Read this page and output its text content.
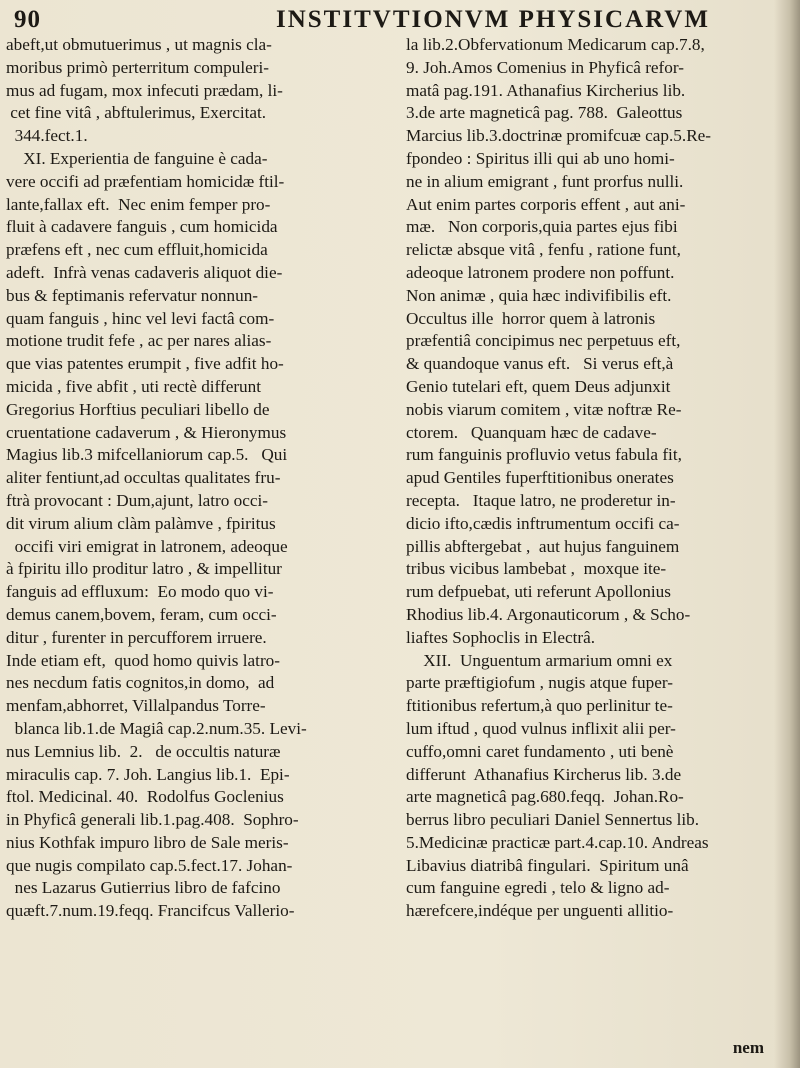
90	INSTITVTIONVM PHYSICARVM
abeft,ut obmutuerimus , ut magnis cla-
moribus primò perterritum compuleri-
mus ad fugam, mox infecuti prædam, li-
cet fine vitâ , abftulerimus, Exercitat.
344.fect.1.
XI. Experientia de fanguine è cada-
vere occifi ad præfentiam homicidæ ftil-
lante,fallax eft.  Nec enim femper pro-
fluit à cadavere fanguis , cum homicida
præfens eft , nec cum effluit,homicida
adeft.  Infrà venas cadaveris aliquot die-
bus & feptimanis refervatur nonnun-
quam fanguis , hinc vel levi factâ com-
motione trudit fefe , ac per nares alias-
que vias patentes erumpit , five adfit ho-
micida , five abfit , uti rectè differunt
Gregorius Horftius peculiari libello de
cruentatione cadaverum , & Hieronymus
Magius lib.3 mifcellaniorum cap.5.   Qui
aliter fentiunt,ad occultas qualitates fru-
ftrà provocant : Dum,ajunt, latro occi-
dit virum alium clàm palàmve , fpiritus
occifi viri emigrat in latronem, adeoque
à fpiritu illo proditur latro , & impellitur
fanguis ad effluxum:  Eo modo quo vi-
demus canem,bovem, feram, cum occi-
ditur , furenter in percufforem irruere.
Inde etiam eft,  quod homo quivis latro-
nes necdum fatis cognitos,in domo,  ad
menfam,abhorret, Villalpandus Torre-
blanca lib.1.de Magiâ cap.2.num.35. Levi-
nus Lemnius lib.  2.   de occultis naturæ
miraculis cap. 7. Joh. Langius lib.1.  Epi-
ftol. Medicinal. 40.  Rodolfus Goclenius
in Phyficâ generali lib.1.pag.408.  Sophro-
nius Kothfak impuro libro de Sale meris-
que nugis compilato cap.5.fect.17. Johan-
nes Lazarus Gutierrius libro de fafcino
quæft.7.num.19.feqq. Francifcus Vallerio-
la lib.2.Obfervationum Medicarum cap.7.8,
9. Joh.Amos Comenius in Phyficâ refor-
matâ pag.191. Athanafius Kircherius lib.
3.de arte magneticâ pag. 788.  Galeottus
Marcius lib.3.doctrinæ promifcuæ cap.5.Re-
fpondeo : Spiritus illi qui ab uno homi-
ne in alium emigrant , funt prorfus nulli.
Aut enim partes corporis effent , aut ani-
mæ.   Non corporis,quia partes ejus fibi
relictæ absque vitâ , fenfu , ratione funt,
adeoque latronem prodere non poffunt.
Non animæ , quia hæc indivifibilis eft.
Occultus ille  horror quem à latronis
præfentiâ concipimus nec perpetuus eft,
& quandoque vanus eft.   Si verus eft,à
Genio tutelari eft, quem Deus adjunxit
nobis viarum comitem , vitæ noftræ Re-
ctorem.   Quanquam hæc de cadave-
rum fanguinis profluvio vetus fabula fit,
apud Gentiles fuperftitionibus onerates
recepta.   Itaque latro, ne proderetur in-
dicio ifto,cædis inftrumentum occifi ca-
pillis abftergebat ,  aut hujus fanguinem
tribus vicibus lambebat ,  moxque ite-
rum defpuebat, uti referunt Apollonius
Rhodius lib.4. Argonauticorum , & Scho-
liaftes Sophoclis in Electrâ.
XII.  Unguentum armarium omni ex
parte præftigiofum , nugis atque fuper-
ftitionibus refertum,à quo perlinitur te-
lum iftud , quod vulnus inflixit alii per-
cuffo,omni caret fundamento , uti benè
differunt  Athanafius Kircherus lib. 3.de
arte magneticâ pag.680.feqq.  Johan.Ro-
berrus libro peculiari Daniel Sennertus lib.
5.Medicinæ practicæ part.4.cap.10. Andreas
Libavius diatribâ fingulari.  Spiritum unâ
cum fanguine egredi , telo & ligno ad-
hærefcere,indéque per unguenti allitio-
nem
